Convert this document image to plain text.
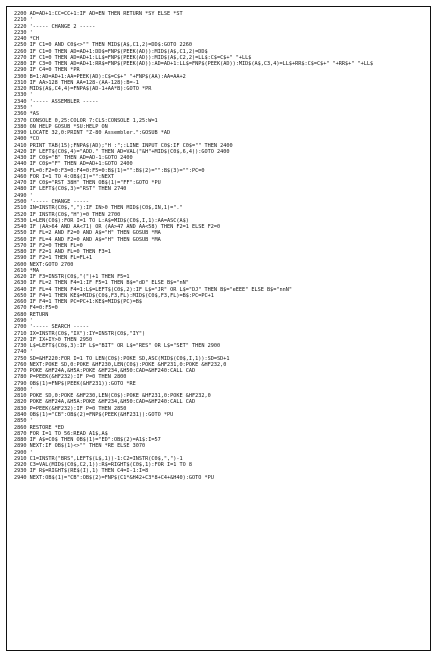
2200 AD=AD+1:CC=CC+1:IF AD=EN THEN RETURN *SY ELSE *ST
2210 '
2220 '----- CHANGE 2 -----
2230 '
2240 *CH
2250 IF C1=0 AND C0$<>"" THEN MID$(A$,C1,2)=DD$:GOTO 2260
2260 IF C1=0 THEN AD=AD+1:DD$=FNP$(PEEK(AD)):MID$(A$,C1,2)=DD$
2270 IF C1=0 THEN AD=AD+1:LL$=FNP$(PEEK(AD)):MID$(A$,C2,2)=LL$:C$=C$+" "+LL$
2280 IF C3=0 THEN AD=AD+1:RR$=FNP$(PEEK(AD)):AD=AD+1:LL$=FNP$(PEEK(AD)):MID$(A$,C3,4)=LL$+RR$:C$=C$+" "+RR$+" "+LL$
2290 IF C4=0 THEN *PR
2300 B=1:AD=AD+1:AA=PEEK(AD):C$=C$+" "+FNP$(AA):AA=AA+2
2310 IF AA>128 THEN AA=128-(AA-128):B=-1
2320 MID$(A$,C4,4)=FNPA$(AD-1+AA*B):GOTO *PR
2330 '
2340 '----- ASSEMBLER -----
2350 '
2360 *AS
2370 CONSOLE 0,25:COLOR 7:CLS:CONSOLE 1,25:W=1
2380 ON HELP GOSUB *SU:HELP ON
2390 LOCATE 32,0:PRINT "Z-80 Assembler.":GOSUB *AD
2400 *CO
2410 PRINT TAB(15);FNPA$(AD);"H :";:LINE INPUT C0$:IF C0$="" THEN 2400
2420 IF LEFT$(C0$,4)="ADD." THEN AD=VAL("&H"+MID$(C0$,6,4)):GOTO 2400
2430 IF C0$="B" THEN AD=AD-1:GOTO 2400
2440 IF C0$="F" THEN AD=AD+1:GOTO 2400
2450 FL=0:F2=0:F3=0:F4=0:F5=0:B$(1)="":B$(2)="":B$(3)="":PC=0
2460 FOR I=1 TO 4:OB$(I)="":NEXT
2470 IF C0$="RST 38H" THEN OB$(1)="FF":GOTO *PU
2480 IF LEFT$(C0$,3)="RST" THEN 2740
2490 '
2500 '----- CHANGE -----
2510 IN=INSTR(C0$,","):IF IN>0 THEN MID$(C0$,IN,1)="."
2520 IF INSTR(C0$,"H")=0 THEN 2700
2530 L=LEN(C0$):FOR I=1 TO L:A$=MID$(C0$,I,1):AA=ASC(A$)
2540 IF (AA>64 AND AA<71) OR (AA>47 AND AA<58) THEN F2=1 ELSE F2=0
2550 IF FL=2 AND F2=0 AND A$="H" THEN GOSUB *MA
2560 IF FL=4 AND F2=0 AND A$="H" THEN GOSUB *MA
2570 IF F2=0 THEN FL=0
2580 IF F2=1 AND FL=0 THEN F3=1
2590 IF F2=1 THEN FL=FL+1
2600 NEXT:GOTO 2700
2610 *MA
2620 IF F3=INSTR(C0$,"(")+1 THEN F5=1
2630 IF FL=2 THEN F4=1:IF F5=1 THEN B$="dD" ELSE B$="nN"
2640 IF FL=4 THEN F4=1:L$=LEFT$(C0$,2):IF L$="JR" OR L$="DJ" THEN B$="eEEE" ELSE B$="nnN"
2650 IF F4=1 THEN KE$=MID$(C0$,F3,FL):MID$(C0$,F3,FL)=B$:PC=PC+1
2660 IF F4=1 THEN PC=PC+1:KE$=MID$(PC)=B$
2670 F4=0:F5=0
2680 RETURN
2690 '
2700 '----- SEARCH -----
2710 IX=INSTR(C0$,"IX"):IY=INSTR(C0$,"IY")
2720 IF IX+IY>0 THEN 2950
2730 L$=LEFT$(C0$,3):IF L$="BIT" OR L$="RES" OR L$="SET" THEN 2900
2740 '
2750 SD=&HF220:FOR I=1 TO LEN(C0$):POKE SD,ASC(MID$(C0$,I,1)):SD=SD+1
2760 NEXT:POKE SD,0:POKE &HF230,LEN(C0$):POKE &HF231,0:POKE &HF232,0
2770 POKE &HF24A,&H5A:POKE &HF234,&H50:CAD=&HF240:CALL CAD
2780 P=PEEK(&HF232):IF P=0 THEN 2800
2790 OB$(1)=FNP$(PEEK(&HF231)):GOTO *RE
2800 '
2810 POKE SD,0:POKE &HF230,LEN(C0$):POKE &HF231,0:POKE &HF232,0
2820 POKE &HF24A,&H5A:POKE &HF234,&H50:CAD=&HF240:CALL CAD
2830 P=PEEK(&HF232):IF P=0 THEN 2850
2840 OB$(1)="CB":OB$(2)=FNP$(PEEK(&HF231)):GOTO *PU
2850 '
2860 RESTORE *ED
2870 FOR I=1 TO 56:READ A1$,A$
2880 IF A$=C0$ THEN OB$(1)="ED":OB$(2)=A1$:I=57
2890 NEXT:IF OB$(1)<>"" THEN *RE ELSE 3070
2900 '
2910 C1=INSTR("BRS",LEFT$(L$,1))-1:C2=INSTR(C0$,",")-1
2920 C3=VAL(MID$(C0$,C2,1)):R$=RIGHT$(C0$,1):FOR I=1 TO 8
2930 IF R$=RIGHT$(RE$(I),1) THEN C4=I-1:I=8
2940 NEXT:OB$(1)="CB":OB$(2)=FNP$(C1*&H42+C3*8+C4+&H40):GOTO *PU
